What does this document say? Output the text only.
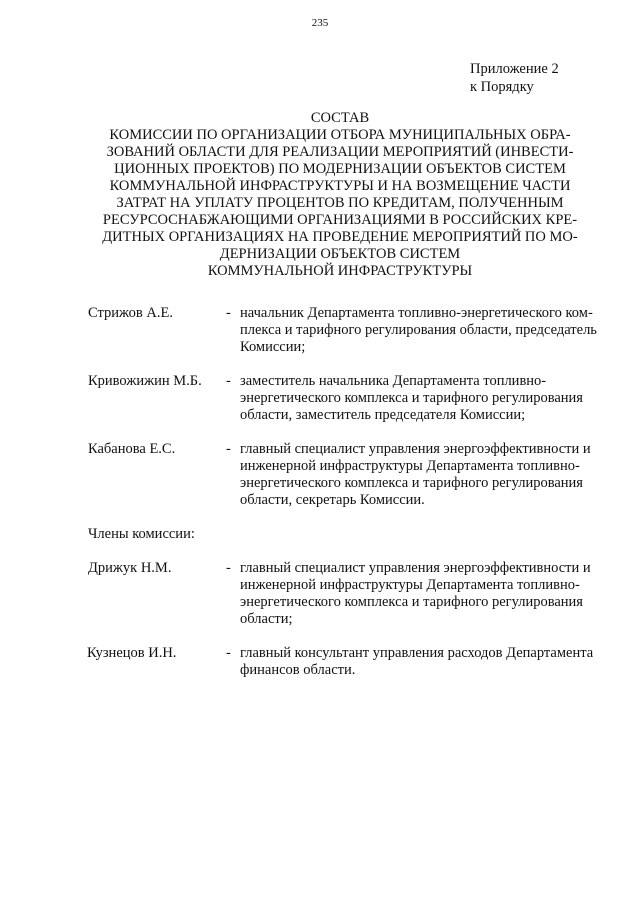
235
Приложение 2
к Порядку
СОСТАВ
КОМИССИИ ПО ОРГАНИЗАЦИИ ОТБОРА МУНИЦИПАЛЬНЫХ ОБРА-
ЗОВАНИЙ ОБЛАСТИ ДЛЯ РЕАЛИЗАЦИИ МЕРОПРИЯТИЙ (ИНВЕСТИ-
ЦИОННЫХ ПРОЕКТОВ) ПО МОДЕРНИЗАЦИИ ОБЪЕКТОВ СИСТЕМ
КОММУНАЛЬНОЙ ИНФРАСТРУКТУРЫ И НА ВОЗМЕЩЕНИЕ ЧАСТИ
ЗАТРАТ НА УПЛАТУ ПРОЦЕНТОВ ПО КРЕДИТАМ, ПОЛУЧЕННЫМ
РЕСУРСОСНАБЖАЮЩИМИ ОРГАНИЗАЦИЯМИ В РОССИЙСКИХ КРЕ-
ДИТНЫХ ОРГАНИЗАЦИЯХ НА ПРОВЕДЕНИЕ МЕРОПРИЯТИЙ ПО МО-
ДЕРНИЗАЦИИ ОБЪЕКТОВ СИСТЕМ
КОММУНАЛЬНОЙ ИНФРАСТРУКТУРЫ
Стрижов А.Е.	- начальник Департамента топливно-энергетического ком-
плекса и тарифного регулирования области, председатель
Комиссии;
Кривожижин М.Б. - заместитель начальника Департамента топливно-
энергетического комплекса и тарифного регулирования
области, заместитель председателя Комиссии;
Кабанова Е.С.	- главный специалист управления энергоэффективности и
инженерной инфраструктуры Департамента топливно-
энергетического комплекса и тарифного регулирования
области, секретарь Комиссии.
Члены комиссии:
Дрижук Н.М.	- главный специалист управления энергоэффективности и
инженерной инфраструктуры Департамента топливно-
энергетического комплекса и тарифного регулирования
области;
Кузнецов И.Н.	- главный консультант управления расходов Департамента
финансов области.
